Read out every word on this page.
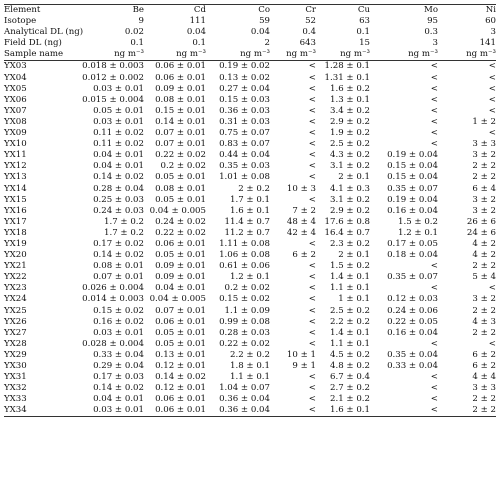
Element	Be	Cd	Co	Cr	Cu	Mo	Ni
Isotope	9	111	59	52	63	95	60
Analytical DL (ng)	0.02	0.04	0.04	0.4	0.1	0.3	3
Field DL (ng)	0.1	0.1	2	643	15	3	141
Sample name	ng m⁻³	ng m⁻³	ng m⁻³	ng m⁻³	ng m⁻³	ng m⁻³	ng m⁻³
YX03	0.018 ± 0.003	0.06 ± 0.01	0.19 ± 0.02	<	1.28 ± 0.1	<	<
YX04	0.012 ± 0.002	0.06 ± 0.01	0.13 ± 0.02	<	1.31 ± 0.1	<	<
YX05	0.03 ± 0.01	0.09 ± 0.01	0.27 ± 0.04	<	1.6 ± 0.2	<	<
YX06	0.015 ± 0.004	0.08 ± 0.01	0.15 ± 0.03	<	1.3 ± 0.1	<	<
YX07	0.05 ± 0.01	0.15 ± 0.01	0.36 ± 0.03	<	3.4 ± 0.2	<	<
YX08	0.03 ± 0.01	0.14 ± 0.01	0.31 ± 0.03	<	2.9 ± 0.2	<	1 ± 2
YX09	0.11 ± 0.02	0.07 ± 0.01	0.75 ± 0.07	<	1.9 ± 0.2	<	<
YX10	0.11 ± 0.02	0.07 ± 0.01	0.83 ± 0.07	<	2.5 ± 0.2	<	3 ± 3
YX11	0.04 ± 0.01	0.22 ± 0.02	0.44 ± 0.04	<	4.3 ± 0.2	0.19 ± 0.04	3 ± 2
YX12	0.04 ± 0.01	0.2 ± 0.02	0.35 ± 0.03	<	3.1 ± 0.2	0.15 ± 0.04	2 ± 2
YX13	0.14 ± 0.02	0.05 ± 0.01	1.01 ± 0.08	<	2 ± 0.1	0.15 ± 0.04	2 ± 2
YX14	0.28 ± 0.04	0.08 ± 0.01	2 ± 0.2	10 ± 3	4.1 ± 0.3	0.35 ± 0.07	6 ± 4
YX15	0.25 ± 0.03	0.05 ± 0.01	1.7 ± 0.1	<	3.1 ± 0.2	0.19 ± 0.04	3 ± 2
YX16	0.24 ± 0.03	0.04 ± 0.005	1.6 ± 0.1	7 ± 2	2.9 ± 0.2	0.16 ± 0.04	3 ± 2
YX17	1.7 ± 0.2	0.24 ± 0.02	11.4 ± 0.7	48 ± 4	17.6 ± 0.8	1.5 ± 0.2	26 ± 6
YX18	1.7 ± 0.2	0.22 ± 0.02	11.2 ± 0.7	42 ± 4	16.4 ± 0.7	1.2 ± 0.1	24 ± 6
YX19	0.17 ± 0.02	0.06 ± 0.01	1.11 ± 0.08	<	2.3 ± 0.2	0.17 ± 0.05	4 ± 2
YX20	0.14 ± 0.02	0.05 ± 0.01	1.06 ± 0.08	6 ± 2	2 ± 0.1	0.18 ± 0.04	4 ± 2
YX21	0.08 ± 0.01	0.09 ± 0.01	0.61 ± 0.06	<	1.5 ± 0.2	<	2 ± 2
YX22	0.07 ± 0.01	0.09 ± 0.01	1.2 ± 0.1	<	1.4 ± 0.1	0.35 ± 0.07	5 ± 4
YX23	0.026 ± 0.004	0.04 ± 0.01	0.2 ± 0.02	<	1.1 ± 0.1	<	<
YX24	0.014 ± 0.003	0.04 ± 0.005	0.15 ± 0.02	<	1 ± 0.1	0.12 ± 0.03	3 ± 2
YX25	0.15 ± 0.02	0.07 ± 0.01	1.1 ± 0.09	<	2.5 ± 0.2	0.24 ± 0.06	2 ± 2
YX26	0.16 ± 0.02	0.06 ± 0.01	0.99 ± 0.08	<	2.2 ± 0.2	0.22 ± 0.05	4 ± 3
YX27	0.03 ± 0.01	0.05 ± 0.01	0.28 ± 0.03	<	1.4 ± 0.1	0.16 ± 0.04	2 ± 2
YX28	0.028 ± 0.004	0.05 ± 0.01	0.22 ± 0.02	<	1.1 ± 0.1	<	<
YX29	0.33 ± 0.04	0.13 ± 0.01	2.2 ± 0.2	10 ± 1	4.5 ± 0.2	0.35 ± 0.04	6 ± 2
YX30	0.29 ± 0.04	0.12 ± 0.01	1.8 ± 0.1	9 ± 1	4.8 ± 0.2	0.33 ± 0.04	6 ± 2
YX31	0.17 ± 0.03	0.14 ± 0.02	1.1 ± 0.1	<	6.7 ± 0.4	<	4 ± 4
YX32	0.14 ± 0.02	0.12 ± 0.01	1.04 ± 0.07	<	2.7 ± 0.2	<	3 ± 3
YX33	0.04 ± 0.01	0.06 ± 0.01	0.36 ± 0.04	<	2.1 ± 0.2	<	2 ± 2
YX34	0.03 ± 0.01	0.06 ± 0.01	0.36 ± 0.04	<	1.6 ± 0.1	<	2 ± 2
